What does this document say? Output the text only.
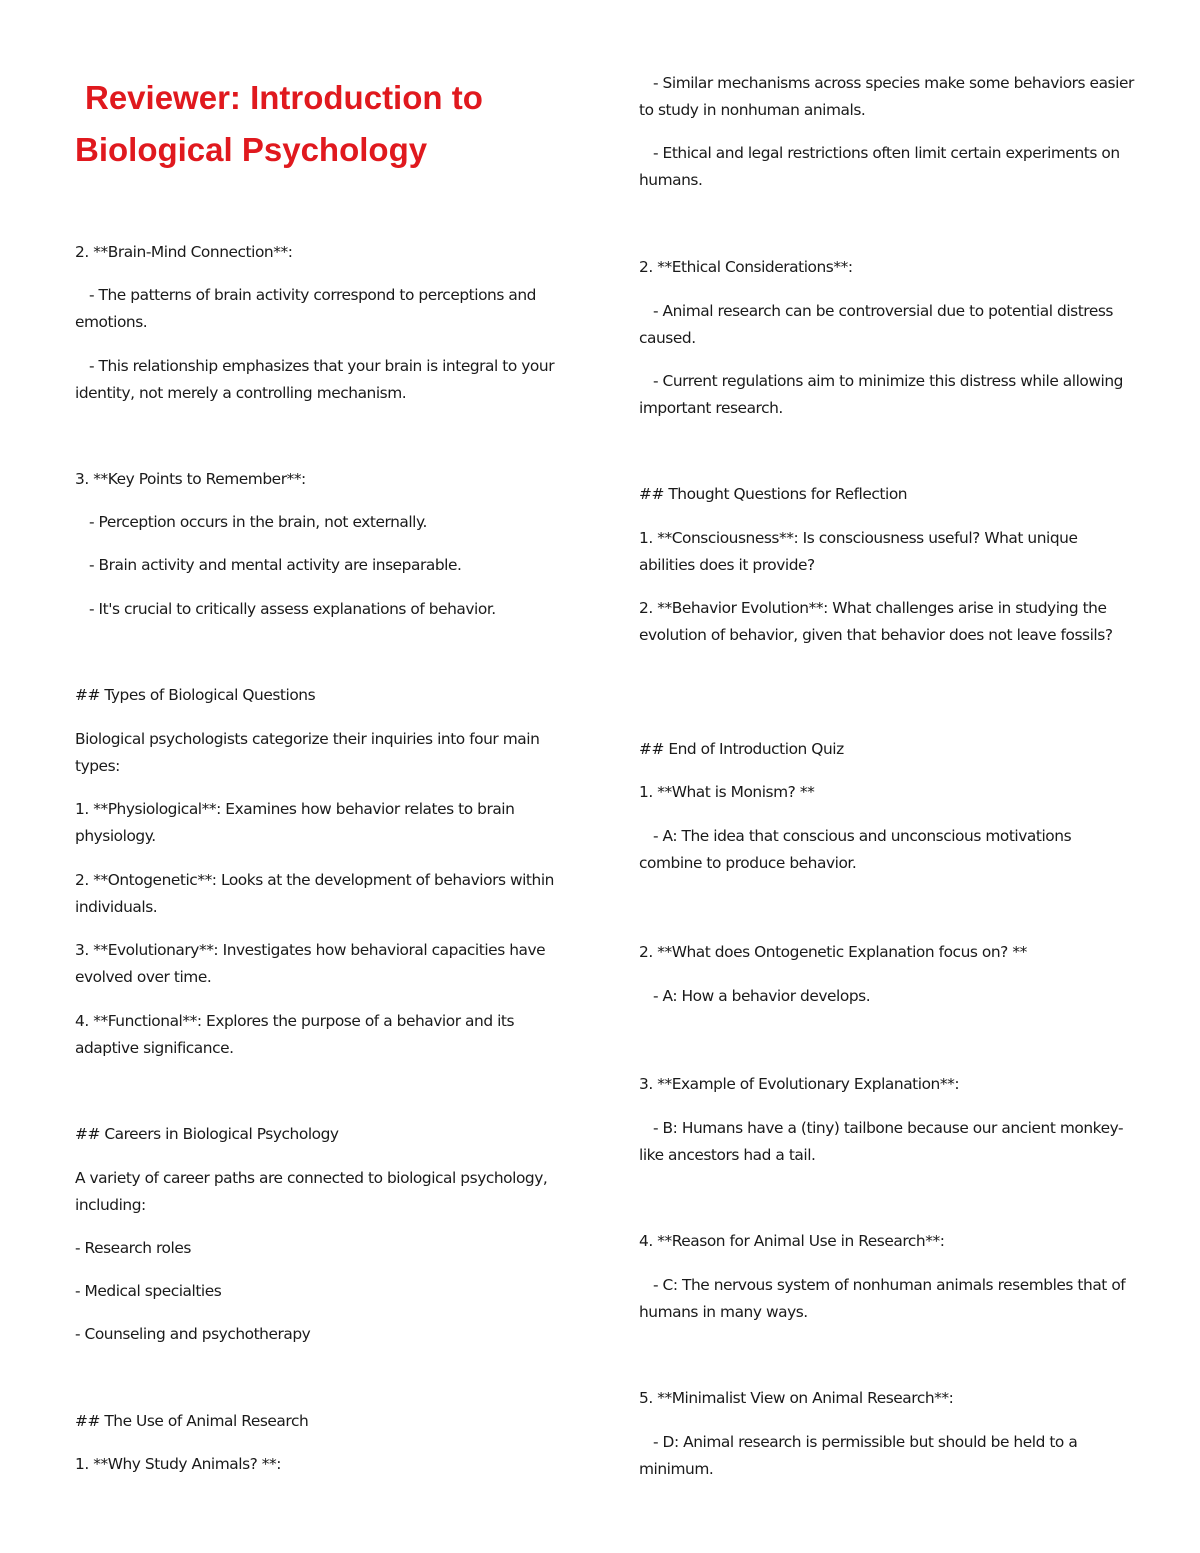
Reviewer: Introduction to
Biological Psychology

2. **Brain-Mind Connection**:

- The patterns of brain activity correspond to perceptions and emotions.

- This relationship emphasizes that your brain is integral to your identity, not merely a controlling mechanism.

3. **Key Points to Remember**:

- Perception occurs in the brain, not externally.

- Brain activity and mental activity are inseparable.

- It's crucial to critically assess explanations of behavior.

## Types of Biological Questions

Biological psychologists categorize their inquiries into four main types:

1. **Physiological**: Examines how behavior relates to brain physiology.

2. **Ontogenetic**: Looks at the development of behaviors within individuals.

3. **Evolutionary**: Investigates how behavioral capacities have evolved over time.

4. **Functional**: Explores the purpose of a behavior and its adaptive significance.

## Careers in Biological Psychology

A variety of career paths are connected to biological psychology, including:

- Research roles

- Medical specialties

- Counseling and psychotherapy

## The Use of Animal Research

1. **Why Study Animals? **:

- Similar mechanisms across species make some behaviors easier to study in nonhuman animals.

- Ethical and legal restrictions often limit certain experiments on humans.

2. **Ethical Considerations**:

- Animal research can be controversial due to potential distress caused.

- Current regulations aim to minimize this distress while allowing important research.

## Thought Questions for Reflection

1. **Consciousness**: Is consciousness useful? What unique abilities does it provide?

2. **Behavior Evolution**: What challenges arise in studying the evolution of behavior, given that behavior does not leave fossils?

## End of Introduction Quiz

1. **What is Monism? **

- A: The idea that conscious and unconscious motivations combine to produce behavior.

2. **What does Ontogenetic Explanation focus on? **

- A: How a behavior develops.

3. **Example of Evolutionary Explanation**:

- B: Humans have a (tiny) tailbone because our ancient monkey-like ancestors had a tail.

4. **Reason for Animal Use in Research**:

- C: The nervous system of nonhuman animals resembles that of humans in many ways.

5. **Minimalist View on Animal Research**:

- D: Animal research is permissible but should be held to a minimum.
